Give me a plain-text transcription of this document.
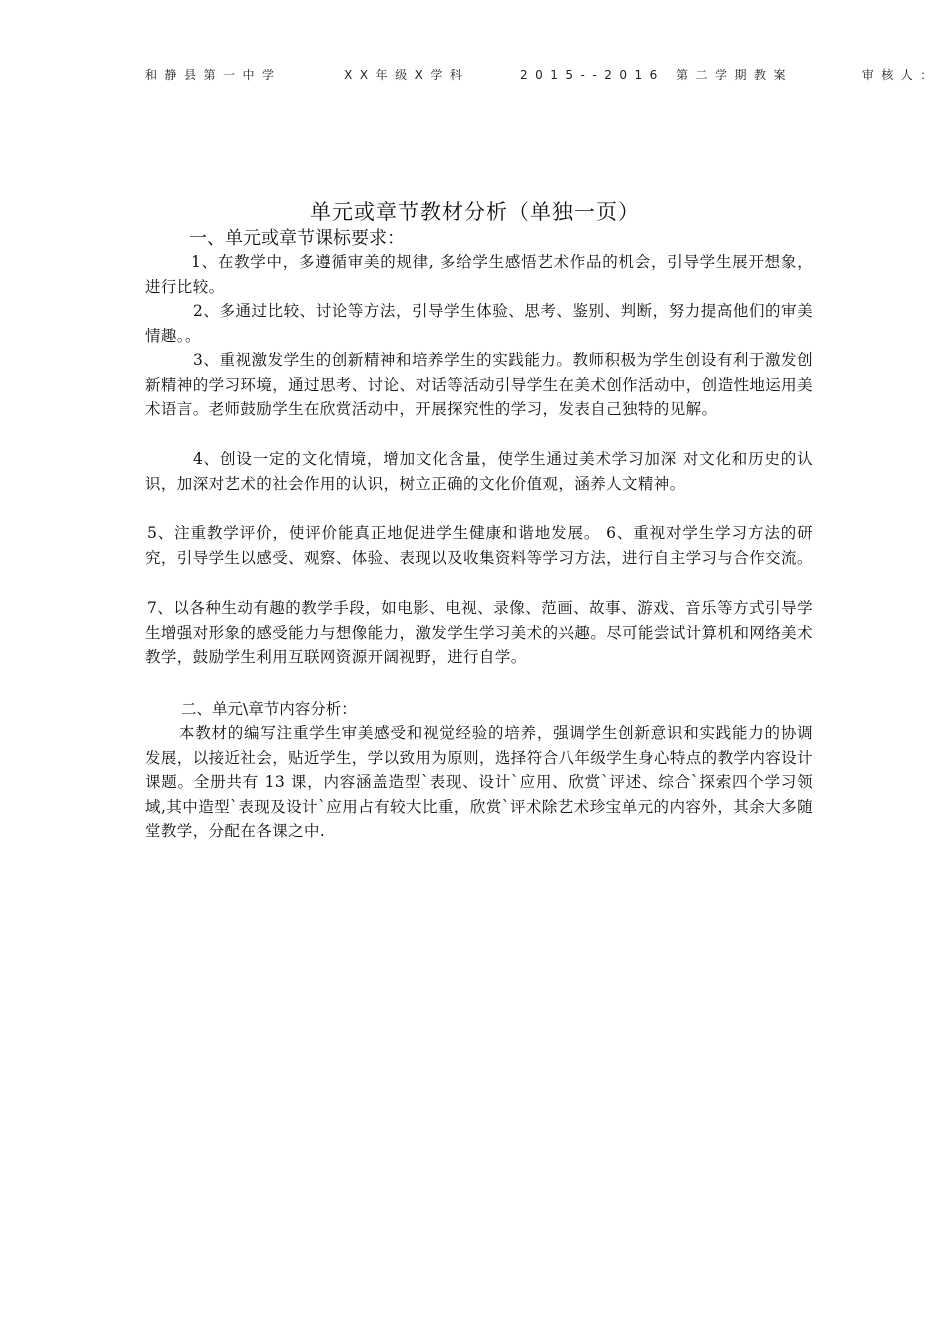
和静县第一中学	XX年级X学科	2015--2016 第二学期教案	审核人：
单元或章节教材分析（单独一页）
一、单元或章节课标要求：

1、在教学中，多遵循审美的规律, 多给学生感悟艺术作品的机会，引导学生展开想象，进行比较。

2、多通过比较、讨论等方法，引导学生体验、思考、鉴别、判断，努力提高他们的审美情趣。。

3、重视激发学生的创新精神和培养学生的实践能力。教师积极为学生创设有利于激发创新精神的学习环境，通过思考、讨论、对话等活动引导学生在美术创作活动中，创造性地运用美术语言。老师鼓励学生在欣赏活动中，开展探究性的学习，发表自己独特的见解。

4、创设一定的文化情境，增加文化含量，使学生通过美术学习加深 对文化和历史的认识，加深对艺术的社会作用的认识，树立正确的文化价值观，涵养人文精神。

5、注重教学评价，使评价能真正地促进学生健康和谐地发展。 6、重视对学生学习方法的研究，引导学生以感受、观察、体验、表现以及收集资料等学习方法，进行自主学习与合作交流。

7、以各种生动有趣的教学手段，如电影、电视、录像、范画、故事、游戏、音乐等方式引导学生增强对形象的感受能力与想像能力，激发学生学习美术的兴趣。尽可能尝试计算机和网络美术教学，鼓励学生利用互联网资源开阔视野，进行自学。

二、单元\章节内容分析：

本教材的编写注重学生审美感受和视觉经验的培养，强调学生创新意识和实践能力的协调发展，以接近社会，贴近学生，学以致用为原则，选择符合八年级学生身心特点的教学内容设计课题。全册共有 13 课，内容涵盖造型`表现、设计`应用、欣赏`评述、综合`探索四个学习领域,其中造型`表现及设计`应用占有较大比重，欣赏`评术除艺术珍宝单元的内容外，其余大多随堂教学，分配在各课之中.
